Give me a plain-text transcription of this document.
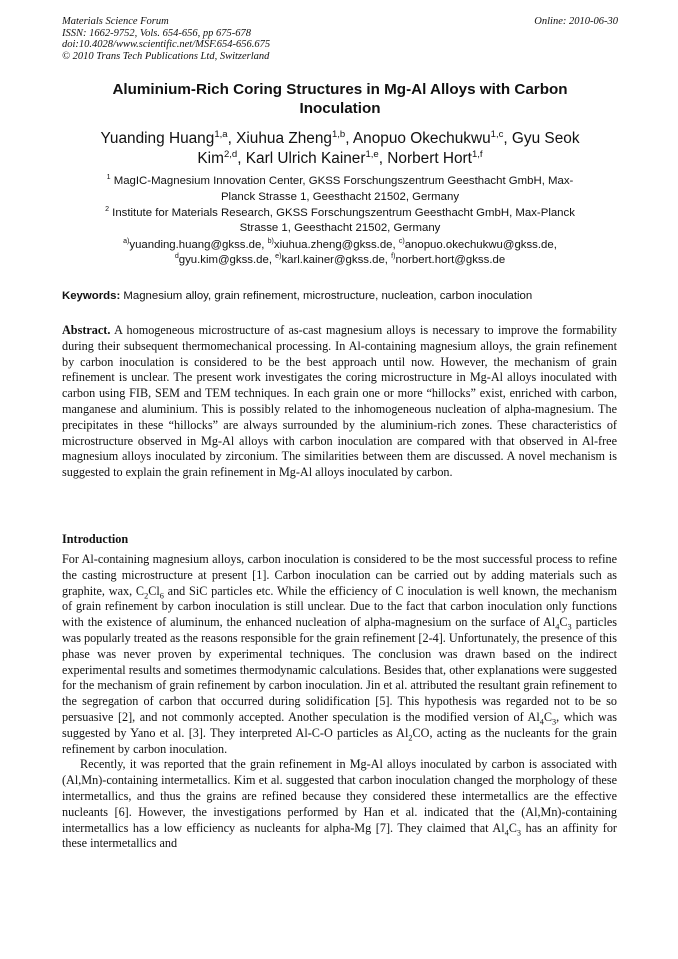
Materials Science Forum
ISSN: 1662-9752, Vols. 654-656, pp 675-678
doi:10.4028/www.scientific.net/MSF.654-656.675
© 2010 Trans Tech Publications Ltd, Switzerland
Online: 2010-06-30
Aluminium-Rich Coring Structures in Mg-Al Alloys with Carbon
Inoculation
Yuanding Huang$^{1,a}$, Xiuhua Zheng$^{1,b}$, Anopuo Okechukwu$^{1,c}$, Gyu Seok
Kim$^{2,d}$, Karl Ulrich Kainer$^{1,e}$, Norbert Hort$^{1,f}$
$^1$ MagIC-Magnesium Innovation Center, GKSS Forschungszentrum Geesthacht GmbH, Max-
Planck Strasse 1, Geesthacht 21502, Germany
$^2$ Institute for Materials Research, GKSS Forschungszentrum Geesthacht GmbH, Max-Planck
Strasse 1, Geesthacht 21502, Germany
$^{a)}$yuanding.huang@gkss.de, $^{b)}$xiuhua.zheng@gkss.de, $^{c)}$anopuo.okechukwu@gkss.de,
$^d$gyu.kim@gkss.de, $^{e)}$karl.kainer@gkss.de, $^{f)}$norbert.hort@gkss.de
Keywords: Magnesium alloy, grain refinement, microstructure, nucleation, carbon inoculation

Abstract. A homogeneous microstructure of as-cast magnesium alloys is necessary to improve the formability during their subsequent thermomechanical processing. In Al-containing magnesium alloys, the grain refinement by carbon inoculation is considered to be the best approach until now. However, the mechanism of grain refinement is unclear. The present work investigates the coring microstructure in Mg-Al alloys inoculated with carbon using FIB, SEM and TEM techniques. In each grain one or more “hillocks” exist, enriched with carbon, manganese and aluminium. This is possibly related to the inhomogeneous nucleation of alpha-magnesium. The precipitates in these “hillocks” are always surrounded by the aluminium-rich zones. These characteristics of microstructure observed in Mg-Al alloys with carbon inoculation are compared with that observed in Al-free magnesium alloys inoculated by zirconium. The similarities between them are discussed. A novel mechanism is suggested to explain the grain refinement in Mg-Al alloys inoculated by carbon.

Introduction

For Al-containing magnesium alloys, carbon inoculation is considered to be the most successful process to refine the casting microstructure at present [1]. Carbon inoculation can be carried out by adding materials such as graphite, wax, $C_2Cl_6$ and SiC particles etc. While the efficiency of C inoculation is well known, the mechanism of grain refinement by carbon inoculation is still unclear. Due to the fact that carbon inoculation only functions with the existence of aluminum, the enhanced nucleation of alpha-magnesium on the surface of $Al_4C_3$ particles was popularly treated as the reasons responsible for the grain refinement [2-4]. Unfortunately, the presence of this phase was never proven by experimental techniques. The conclusion was drawn based on the indirect experimental results and sometimes thermodynamic calculations. Besides that, other explanations were suggested for the mechanism of grain refinement by carbon inoculation. Jin et al. attributed the resultant grain refinement to the segregation of carbon that occurred during solidification [5]. This hypothesis was regarded not to be so persuasive [2], and not commonly accepted. Another speculation is the modified version of $Al_4C_3$, which was suggested by Yano et al. [3]. They interpreted Al-C-O particles as $Al_2CO$, acting as the nucleants for the grain refinement by carbon inoculation.

Recently, it was reported that the grain refinement in Mg-Al alloys inoculated by carbon is associated with (Al,Mn)-containing intermetallics. Kim et al. suggested that carbon inoculation changed the morphology of these intermetallics, and thus the grains are refined because they considered these intermetallics are the effective nucleants [6]. However, the investigations performed by Han et al. indicated that the (Al,Mn)-containing intermetallics has a low efficiency as nucleants for alpha-Mg [7]. They claimed that $Al_4C_3$ has an affinity for these intermetallics and
